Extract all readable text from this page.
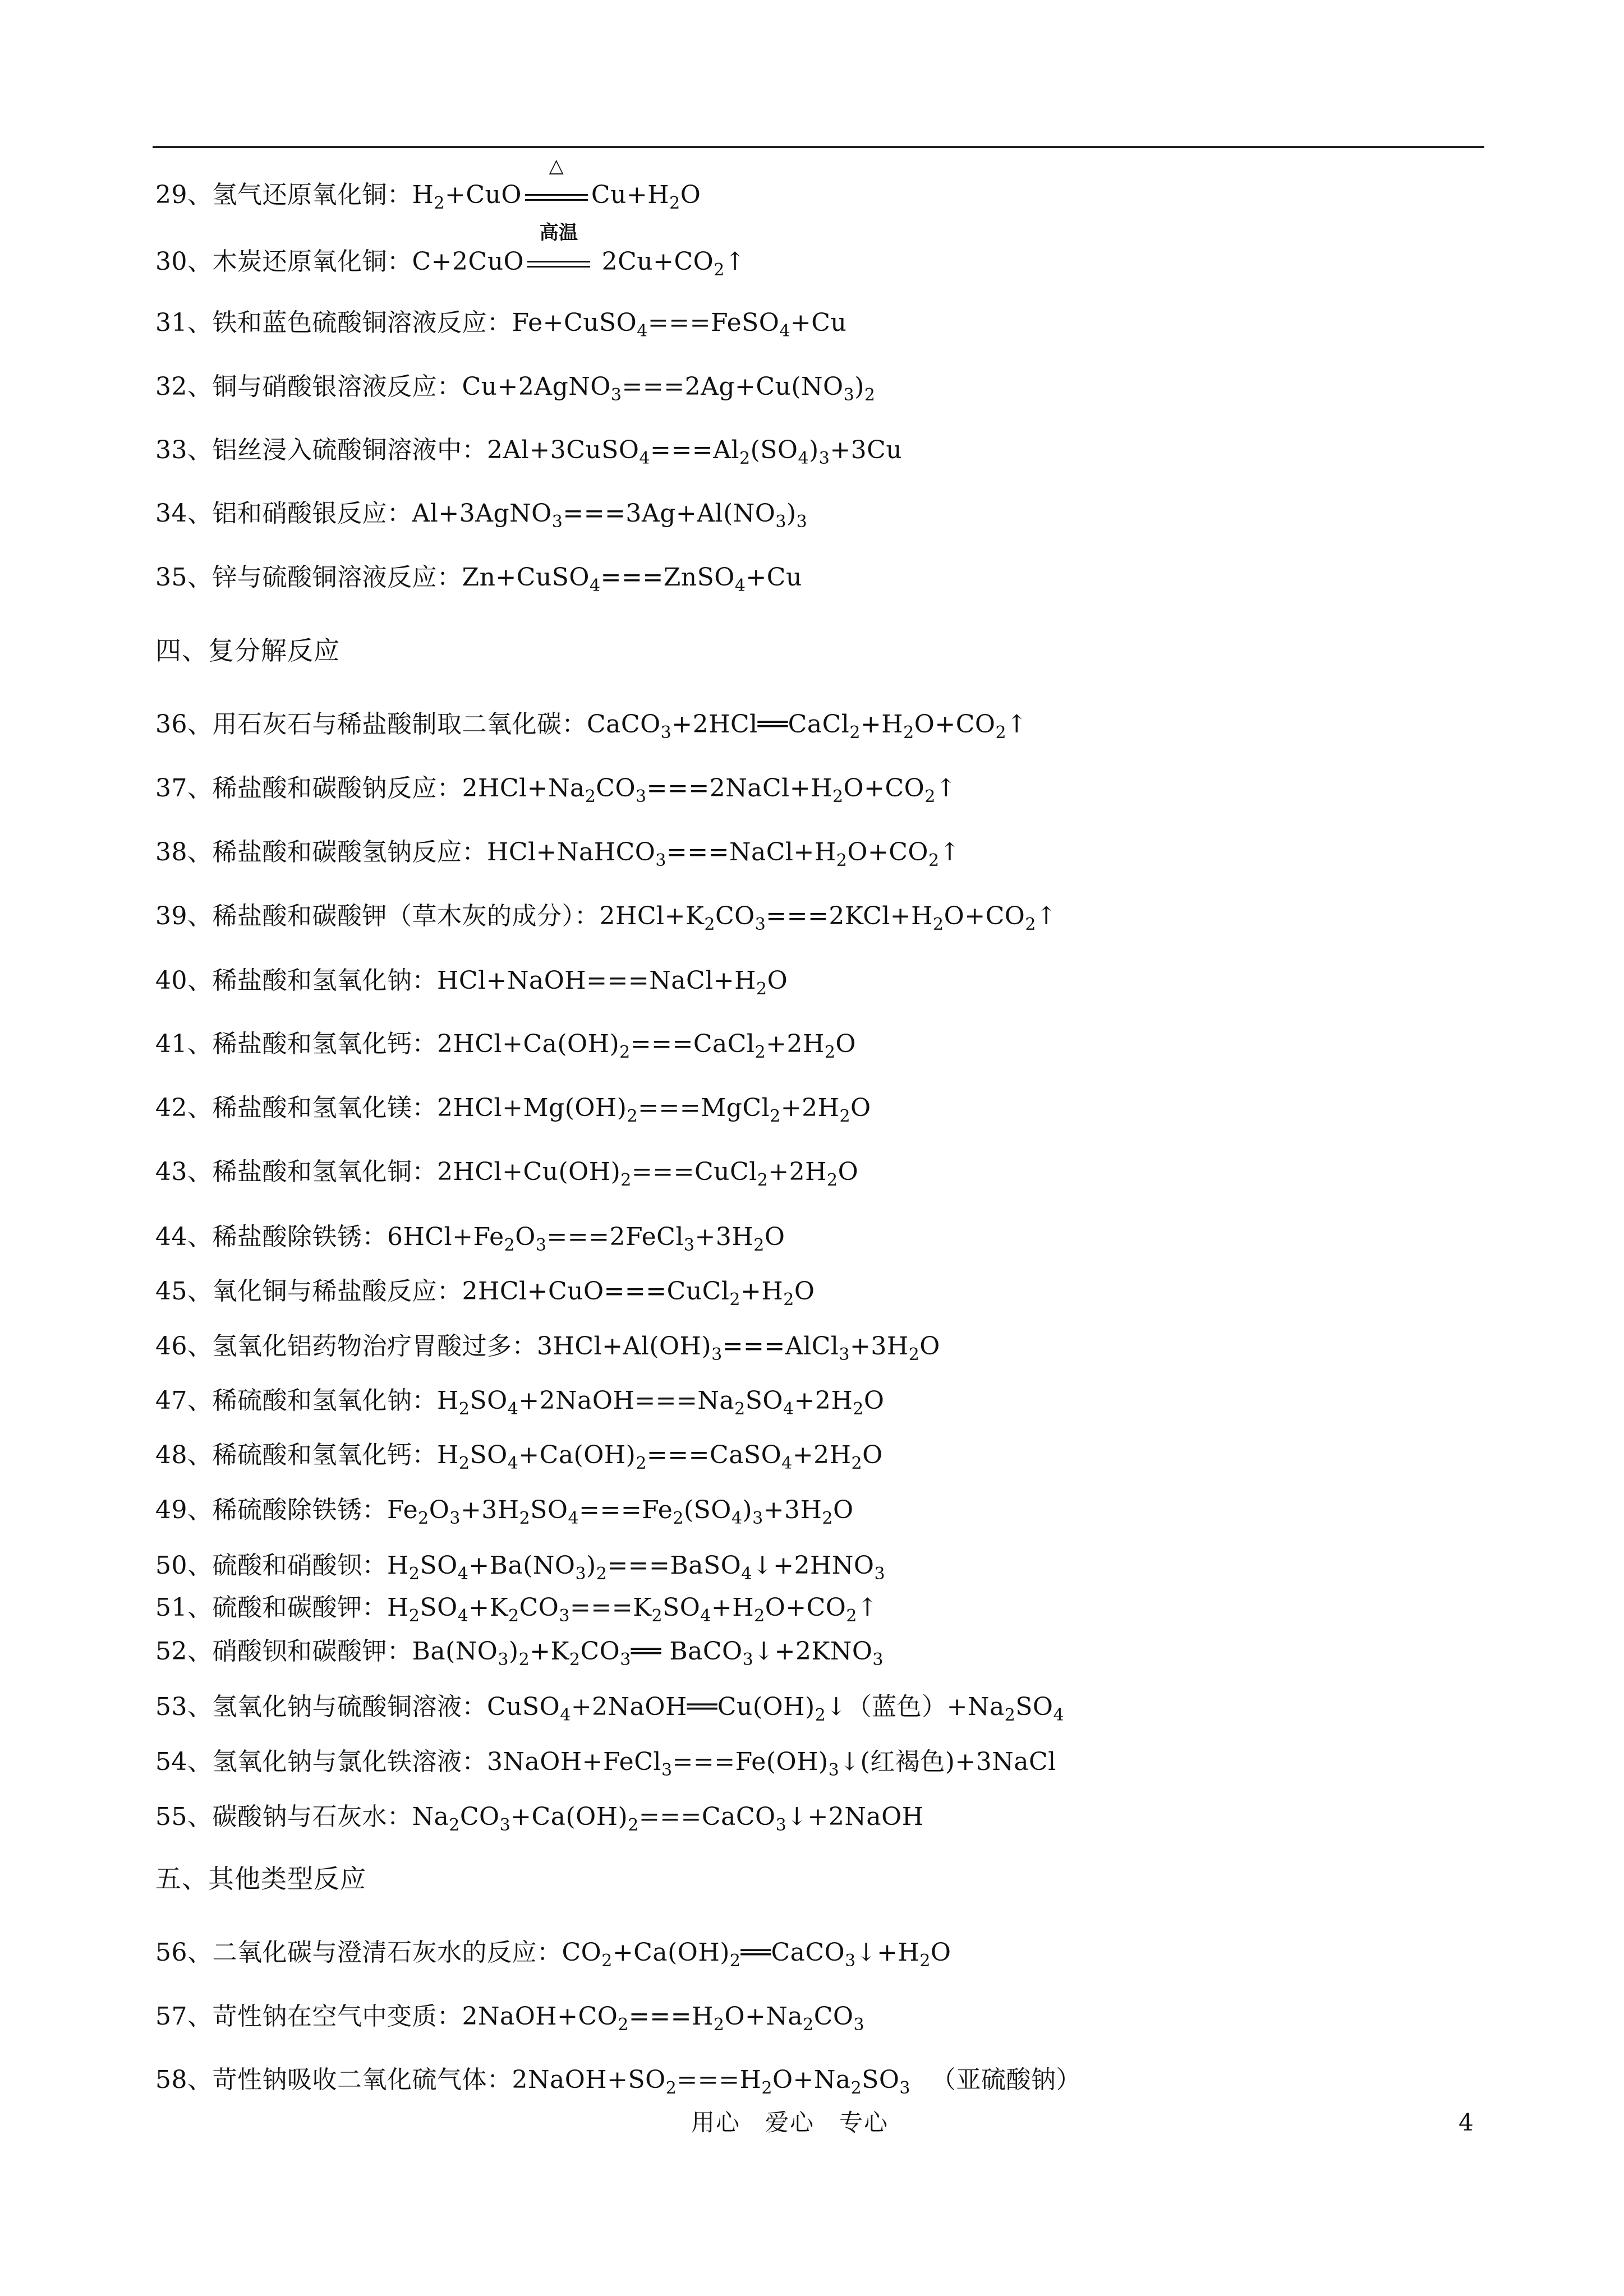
29、氢气还原氧化铜：$H_2+CuO$
△
$Cu+H_2O$
30、木炭还原氧化铜：C+2CuO
高温
$2Cu+CO_2↑$
31、铁和蓝色硫酸铜溶液反应：Fe+CuSO$_4$===FeSO$_4$+Cu
32、铜与硝酸银溶液反应：$Cu+2AgNO_3===2Ag+Cu(NO_3)_2$
33、铝丝浸入硫酸铜溶液中：$2Al+3CuSO_4===Al_2(SO_4)_3+3Cu$
34、铝和硝酸银反应：$Al+3AgNO_3===3Ag+Al(NO_3)_3$
35、锌与硫酸铜溶液反应：Zn+CuSO$_4$===ZnSO$_4$+Cu
四、复分解反应
36、用石灰石与稀盐酸制取二氧化碳：$CaCO_3+2HCl══CaCl_2+H_2O+CO_2↑$
37、稀盐酸和碳酸钠反应：$2HCl+Na_2CO_3===2NaCl+H_2O+CO_2↑$
38、稀盐酸和碳酸氢钠反应：$HCl+NaHCO_3===NaCl+H_2O+CO_2↑$
39、稀盐酸和碳酸钾（草木灰的成分）：$2HCl+K_2CO_3===2KCl+H_2O+CO_2↑$
40、稀盐酸和氢氧化钠：$HCl+NaOH===NaCl+H_2O$
41、稀盐酸和氢氧化钙：$2HCl+Ca(OH)_2===CaCl_2+2H_2O$
42、稀盐酸和氢氧化镁：$2HCl+Mg(OH)_2===MgCl_2+2H_2O$
43、稀盐酸和氢氧化铜：$2HCl+Cu(OH)_2===CuCl_2+2H_2O$
44、稀盐酸除铁锈：$6HCl+Fe_2O_3===2FeCl_3+3H_2O$
45、氧化铜与稀盐酸反应：$2HCl+CuO===CuCl_2+H_2O$
46、氢氧化铝药物治疗胃酸过多：$3HCl+Al(OH)_3===AlCl_3+3H_2O$
47、稀硫酸和氢氧化钠：$H_2SO_4+2NaOH===Na_2SO_4+2H_2O$
48、稀硫酸和氢氧化钙：$H_2SO_4+Ca(OH)_2===CaSO_4+2H_2O$
49、稀硫酸除铁锈：$Fe_2O_3+3H_2SO_4===Fe_2(SO_4)_3+3H_2O$
50、硫酸和硝酸钡：$H_2SO_4+Ba(NO_3)_2===BaSO_4↓+2HNO_3$
51、硫酸和碳酸钾：$H_2SO_4+K_2CO_3===K_2SO_4+H_2O+CO_2↑$
52、硝酸钡和碳酸钾：$Ba(NO_3)_2+K_2CO_3══$ $BaCO_3↓+2KNO_3$
53、氢氧化钠与硫酸铜溶液：$CuSO_4+2NaOH══Cu(OH)_2↓$（蓝色）$+Na_2SO_4$
54、氢氧化钠与氯化铁溶液：$3NaOH+FeCl_3===Fe(OH)_3↓$(红褐色)+3NaCl
55、碳酸钠与石灰水：$Na_2CO_3+Ca(OH)_2===CaCO_3↓+2NaOH$
五、其他类型反应
56、二氧化碳与澄清石灰水的反应：$CO_2+Ca(OH)_2══CaCO_3↓+H_2O$
57、苛性钠在空气中变质：$2NaOH+CO_2===H_2O+Na_2CO_3$
58、苛性钠吸收二氧化硫气体：$2NaOH+SO_2===H_2O+Na_2SO_3$ 　 （亚硫酸钠）
用心　爱心　专心	4
